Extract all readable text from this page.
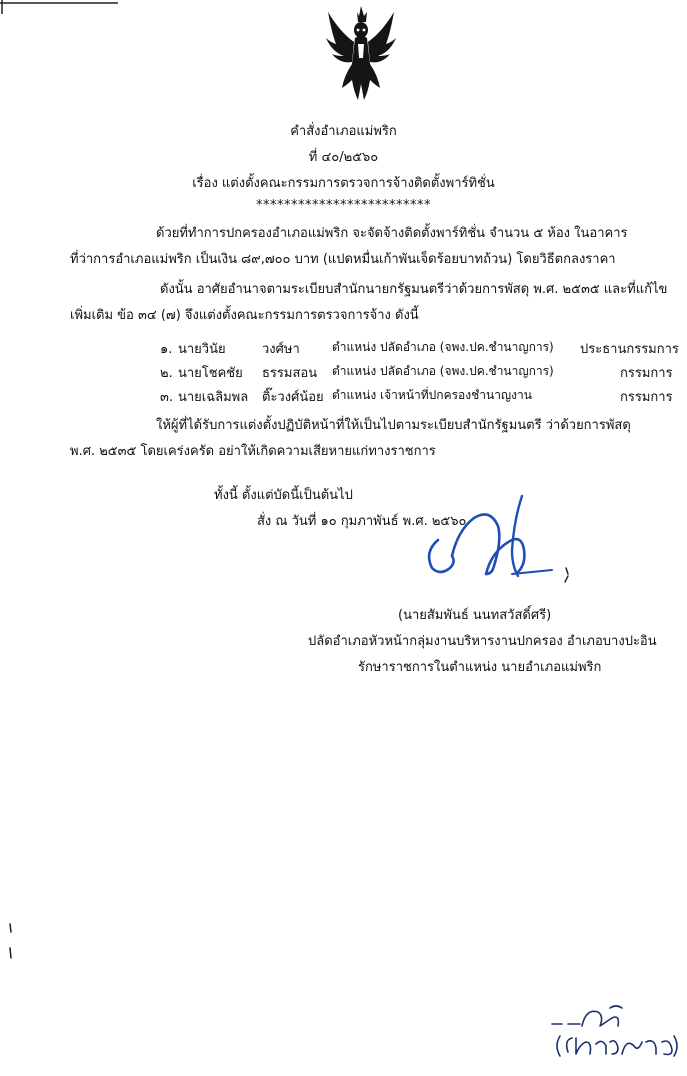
คำสั่งอำเภอแม่พริก
ที่ ๔๐/๒๕๖๐
เรื่อง แต่งตั้งคณะกรรมการตรวจการจ้างติดตั้งพาร์ทิชั่น
*************************
ด้วยที่ทำการปกครองอำเภอแม่พริก จะจัดจ้างติดตั้งพาร์ทิชั่น จำนวน ๕ ห้อง ในอาคาร
ที่ว่าการอำเภอแม่พริก เป็นเงิน ๘๙,๗๐๐ บาท (แปดหมื่นเก้าพันเจ็ดร้อยบาทถ้วน) โดยวิธีตกลงราคา
ดังนั้น อาศัยอำนาจตามระเบียบสำนักนายกรัฐมนตรีว่าด้วยการพัสดุ พ.ศ. ๒๕๓๕ และที่แก้ไข
เพิ่มเติม ข้อ ๓๔ (๗) จึงแต่งตั้งคณะกรรมการตรวจการจ้าง ดังนี้
๑. นายวินัย	วงศ์ษา	ตำแหน่ง ปลัดอำเภอ (จพง.ปค.ชำนาญการ) ประธานกรรมการ
๒. นายโชคชัย ธรรมสอน ตำแหน่ง ปลัดอำเภอ (จพง.ปค.ชำนาญการ)	กรรมการ
๓. นายเฉลิมพล ติ๊ะวงศ์น้อย ตำแหน่ง เจ้าหน้าที่ปกครองชำนาญงาน	กรรมการ
ให้ผู้ที่ได้รับการแต่งตั้งปฏิบัติหน้าที่ให้เป็นไปตามระเบียบสำนักรัฐมนตรี ว่าด้วยการพัสดุ
พ.ศ. ๒๕๓๕ โดยเคร่งครัด อย่าให้เกิดความเสียหายแก่ทางราชการ
ทั้งนี้ ตั้งแต่บัดนี้เป็นต้นไป
สั่ง ณ วันที่ ๑๐ กุมภาพันธ์ พ.ศ. ๒๕๖๐
(นายสัมพันธ์ นนทสวัสดิ์ศรี)
ปลัดอำเภอหัวหน้ากลุ่มงานบริหารงานปกครอง อำเภอบางปะอิน
รักษาราชการในตำแหน่ง นายอำเภอแม่พริก
